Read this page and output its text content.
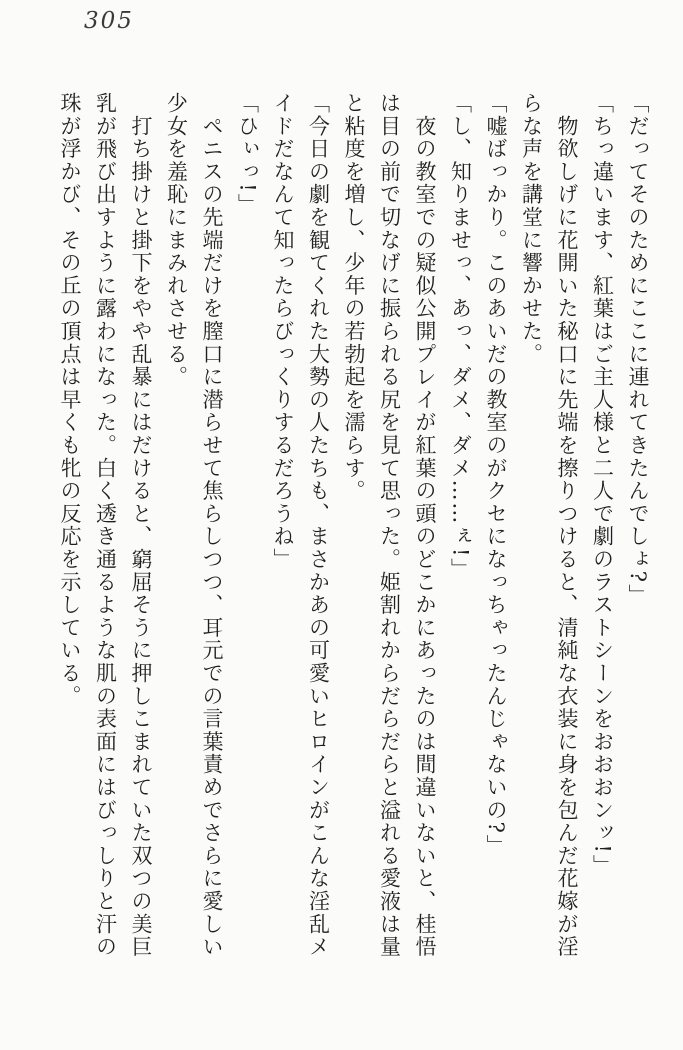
305

「だってそのためにここに連れてきたんでしょ?」

「ちっ違います、紅葉はご主人様と二人で劇のラストシーンをおおおンッ!」

　物欲しげに花開いた秘口に先端を擦りつけると、清純な衣装に身を包んだ花嫁が淫

らな声を講堂に響かせた。

「嘘ばっかり。このあいだの教室のがクセになっちゃったんじゃないの?」

「し、知りませっ、あっ、ダメ、ダメ……ぇ!」

　夜の教室での疑似公開プレイが紅葉の頭のどこかにあったのは間違いないと、桂悟

は目の前で切なげに振られる尻を見て思った。姫割れからだらだらと溢れる愛液は量

と粘度を増し、少年の若勃起を濡らす。

「今日の劇を観てくれた大勢の人たちも、まさかあの可愛いヒロインがこんな淫乱メ

イドだなんて知ったらびっくりするだろうね」

「ひぃっ!」

　ペニスの先端だけを膣口に潜らせて焦らしつつ、耳元での言葉責めでさらに愛しい

少女を羞恥にまみれさせる。

　打ち掛けと掛下をやや乱暴にはだけると、窮屈そうに押しこまれていた双つの美巨

乳が飛び出すように露わになった。白く透き通るような肌の表面にはびっしりと汗の

珠が浮かび、その丘の頂点は早くも牝の反応を示している。
